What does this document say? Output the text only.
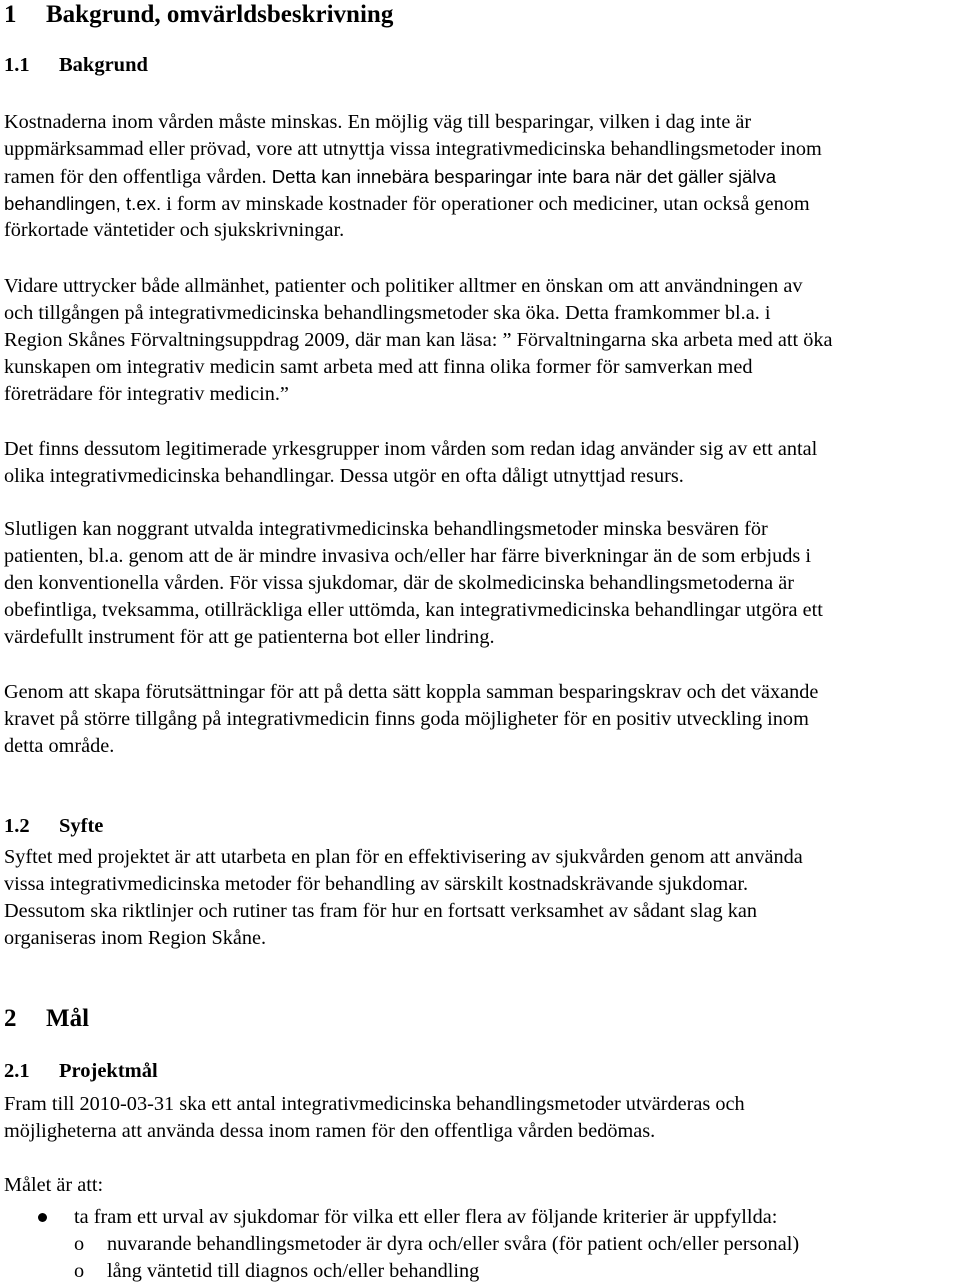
1 Bakgrund, omvärldsbeskrivning
1.1 Bakgrund
Kostnaderna inom vården måste minskas. En möjlig väg till besparingar, vilken i dag inte är
uppmärksammad eller prövad, vore att utnyttja vissa integrativmedicinska behandlingsmetoder inom
ramen för den offentliga vården. Detta kan innebära besparingar inte bara när det gäller själva
behandlingen, t.ex. i form av minskade kostnader för operationer och mediciner, utan också genom
förkortade väntetider och sjukskrivningar.
Vidare uttrycker både allmänhet, patienter och politiker alltmer en önskan om att användningen av
och tillgången på integrativmedicinska behandlingsmetoder ska öka. Detta framkommer bl.a. i
Region Skånes Förvaltningsuppdrag 2009, där man kan läsa: ” Förvaltningarna ska arbeta med att öka
kunskapen om integrativ medicin samt arbeta med att finna olika former för samverkan med
företrädare för integrativ medicin.”
Det finns dessutom legitimerade yrkesgrupper inom vården som redan idag använder sig av ett antal
olika integrativmedicinska behandlingar. Dessa utgör en ofta dåligt utnyttjad resurs.
Slutligen kan noggrant utvalda integrativmedicinska behandlingsmetoder minska besvären för
patienten, bl.a. genom att de är mindre invasiva och/eller har färre biverkningar än de som erbjuds i
den konventionella vården. För vissa sjukdomar, där de skolmedicinska behandlingsmetoderna är
obefintliga, tveksamma, otillräckliga eller uttömda, kan integrativmedicinska behandlingar utgöra ett
värdefullt instrument för att ge patienterna bot eller lindring.
Genom att skapa förutsättningar för att på detta sätt koppla samman besparingskrav och det växande
kravet på större tillgång på integrativmedicin finns goda möjligheter för en positiv utveckling inom
detta område.
1.2 Syfte
Syftet med projektet är att utarbeta en plan för en effektivisering av sjukvården genom att använda
vissa integrativmedicinska metoder för behandling av särskilt kostnadskrävande sjukdomar.
Dessutom ska riktlinjer och rutiner tas fram för hur en fortsatt verksamhet av sådant slag kan
organiseras inom Region Skåne.
2 Mål
2.1 Projektmål
Fram till 2010-03-31 ska ett antal integrativmedicinska behandlingsmetoder utvärderas och
möjligheterna att använda dessa inom ramen för den offentliga vården bedömas.
Målet är att:
ta fram ett urval av sjukdomar för vilka ett eller flera av följande kriterier är uppfyllda:
o nuvarande behandlingsmetoder är dyra och/eller svåra (för patient och/eller personal)
o lång väntetid till diagnos och/eller behandling
